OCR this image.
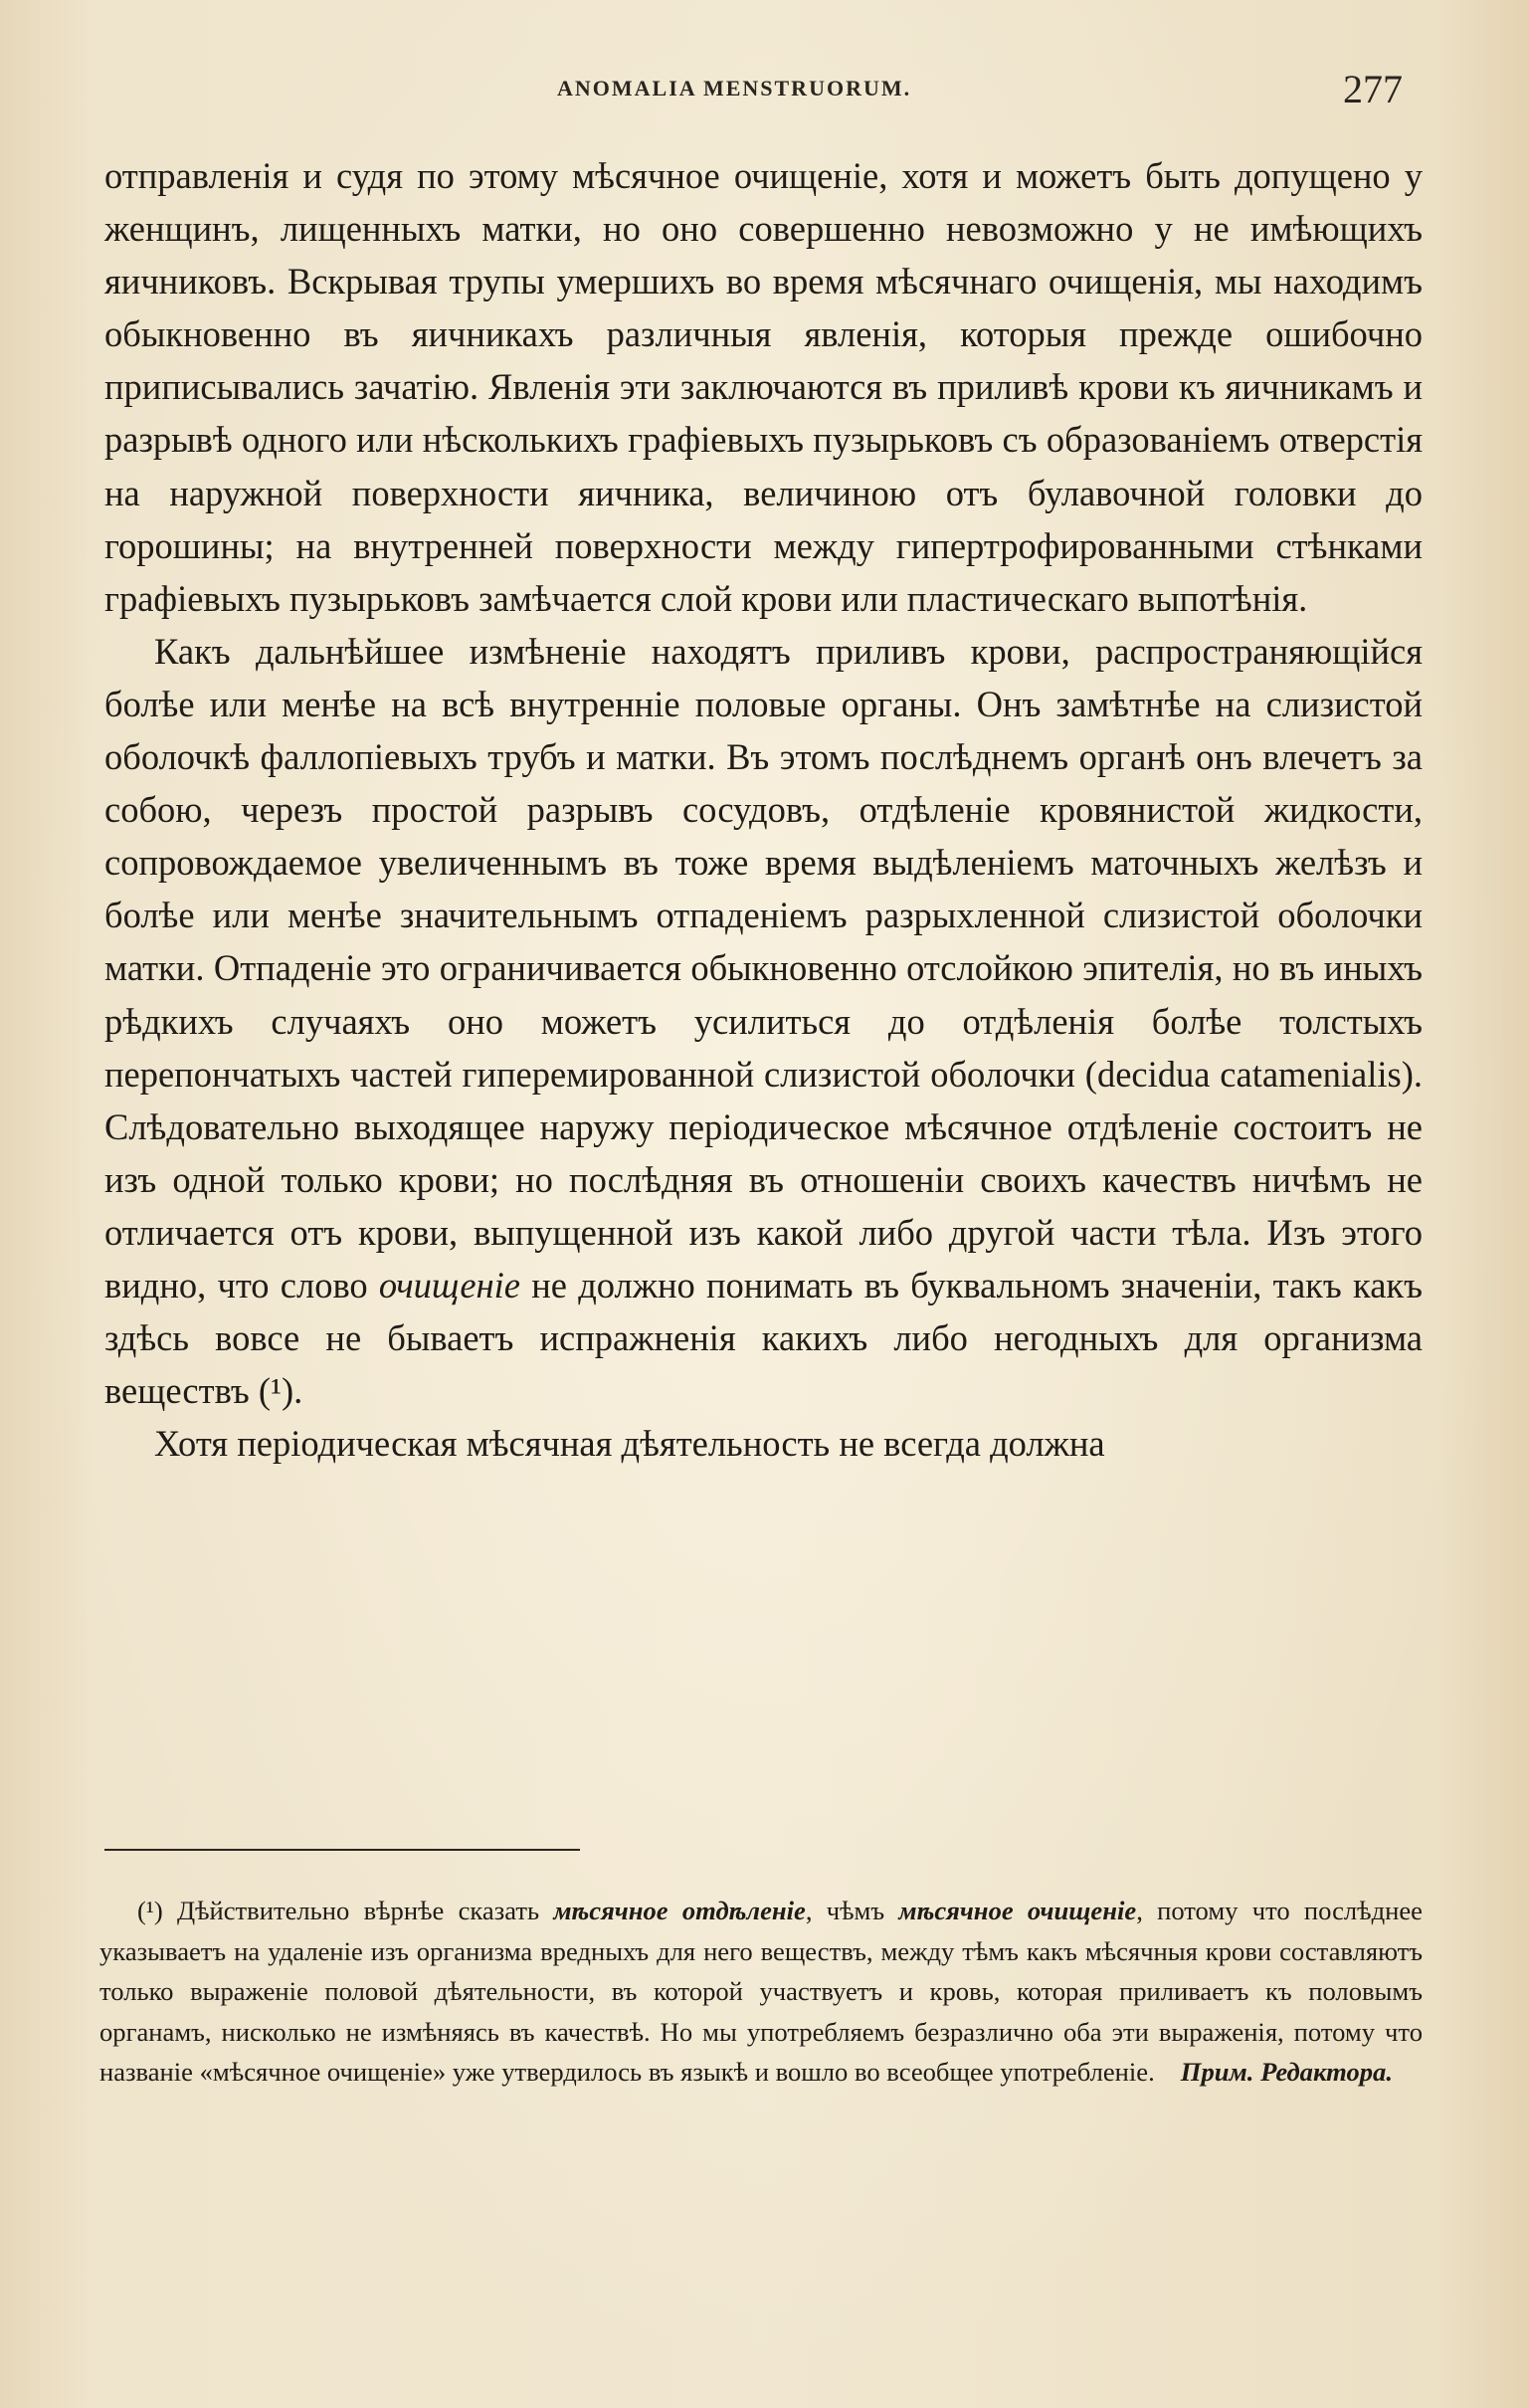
ANOMALIA MENSTRUORUM.	277

отправленія и судя по этому мѣсячное очищеніе, хотя и можетъ быть допущено у женщинъ, лищенныхъ матки, но оно совершенно невозможно у не имѣющихъ яичниковъ. Вскрывая трупы умершихъ во время мѣсячнаго очищенія, мы находимъ обыкновенно въ яичникахъ различныя явленія, которыя прежде ошибочно приписывались зачатію. Явленія эти заключаются въ приливѣ крови къ яичникамъ и разрывѣ одного или нѣсколькихъ графіевыхъ пузырьковъ съ образованіемъ отверстія на наружной поверхности яичника, величиною отъ булавочной головки до горошины; на внутренней поверхности между гипертрофированными стѣнками графіевыхъ пузырьковъ замѣчается слой крови или пластическаго выпотѣнія.

Какъ дальнѣйшее измѣненіе находятъ приливъ крови, распространяющійся болѣе или менѣе на всѣ внутренніе половые органы. Онъ замѣтнѣе на слизистой оболочкѣ фаллопіевыхъ трубъ и матки. Въ этомъ послѣднемъ органѣ онъ влечетъ за собою, черезъ простой разрывъ сосудовъ, отдѣленіе кровянистой жидкости, сопровождаемое увеличеннымъ въ тоже время выдѣленіемъ маточныхъ желѣзъ и болѣе или менѣе значительнымъ отпаденіемъ разрыхленной слизистой оболочки матки. Отпаденіе это ограничивается обыкновенно отслойкою эпителія, но въ иныхъ рѣдкихъ случаяхъ оно можетъ усилиться до отдѣленія болѣе толстыхъ перепончатыхъ частей гиперемированной слизистой оболочки (decidua catamenialis). Слѣдовательно выходящее наружу періодическое мѣсячное отдѣленіе состоитъ не изъ одной только крови; но послѣдняя въ отношеніи своихъ качествъ ничѣмъ не отличается отъ крови, выпущенной изъ какой либо другой части тѣла. Изъ этого видно, что слово очищеніе не должно понимать въ буквальномъ значеніи, такъ какъ здѣсь вовсе не бываетъ испражненія какихъ либо негодныхъ для организма веществъ (¹).

Хотя періодическая мѣсячная дѣятельность не всегда должна

(¹) Дѣйствительно вѣрнѣе сказать мѣсячное отдѣленіе, чѣмъ мѣсячное очищеніе, потому что послѣднее указываетъ на удаленіе изъ организма вредныхъ для него веществъ, между тѣмъ какъ мѣсячныя крови составляютъ только выраженіе половой дѣятельности, въ которой участвуетъ и кровь, которая приливаетъ къ половымъ органамъ, нисколько не измѣняясь въ качествѣ. Но мы употребляемъ безразлично оба эти выраженія, потому что названіе «мѣсячное очищеніе» уже утвердилось въ языкѣ и вошло во всеобщее употребленіе. Прим. Редактора.
